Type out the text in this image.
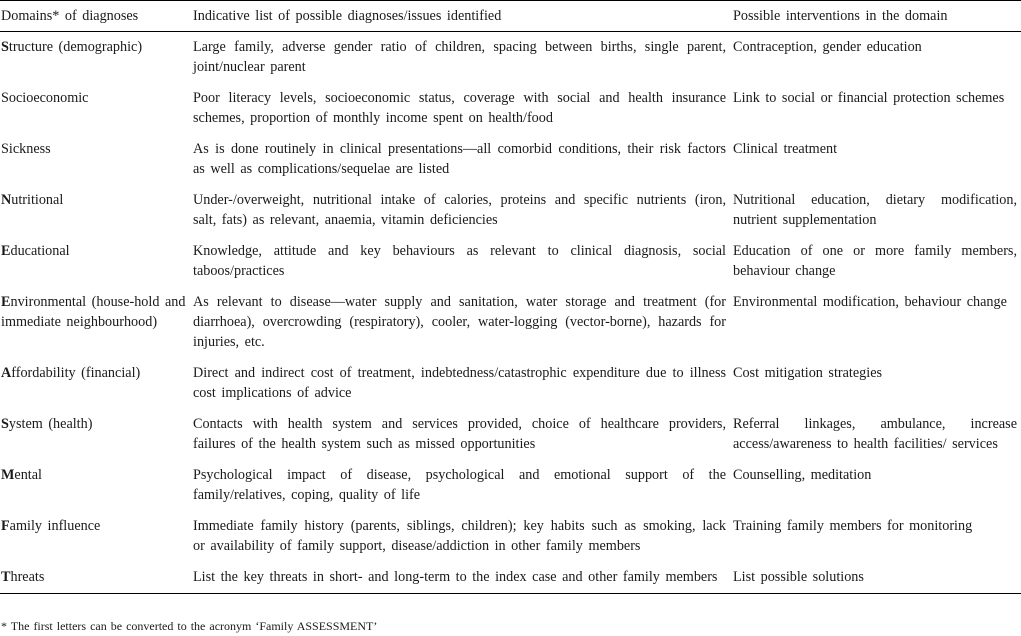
Domains* of diagnoses	Indicative list of possible diagnoses/issues identified	Possible interventions in the domain
Structure (demographic)	Large family, adverse gender ratio of children, spacing between births, single parent, joint/nuclear parent	Contraception, gender education
Socioeconomic	Poor literacy levels, socioeconomic status, coverage with social and health insurance schemes, proportion of monthly income spent on health/food	Link to social or financial protection schemes
Sickness	As is done routinely in clinical presentations—all comorbid conditions, their risk factors as well as complications/sequelae are listed	Clinical treatment
Nutritional	Under-/overweight, nutritional intake of calories, proteins and specific nutrients (iron, salt, fats) as relevant, anaemia, vitamin deficiencies	Nutritional education, dietary modification, nutrient supplementation
Educational	Knowledge, attitude and key behaviours as relevant to clinical diagnosis, social taboos/practices	Education of one or more family members, behaviour change
Environmental (house-hold and immediate neighbourhood)	As relevant to disease—water supply and sanitation, water storage and treatment (for diarrhoea), overcrowding (respiratory), cooler, water-logging (vector-borne), hazards for injuries, etc.	Environmental modification, behaviour change
Affordability (financial)	Direct and indirect cost of treatment, indebtedness/catastrophic expenditure due to illness cost implications of advice	Cost mitigation strategies
System (health)	Contacts with health system and services provided, choice of healthcare providers, failures of the health system such as missed opportunities	Referral linkages, ambulance, increase access/awareness to health facilities/ services
Mental	Psychological impact of disease, psychological and emotional support of the family/relatives, coping, quality of life	Counselling, meditation
Family influence	Immediate family history (parents, siblings, children); key habits such as smoking, lack or availability of family support, disease/addiction in other family members	Training family members for monitoring
Threats	List the key threats in short- and long-term to the index case and other family members	List possible solutions
* The first letters can be converted to the acronym ‘Family ASSESSMENT’
